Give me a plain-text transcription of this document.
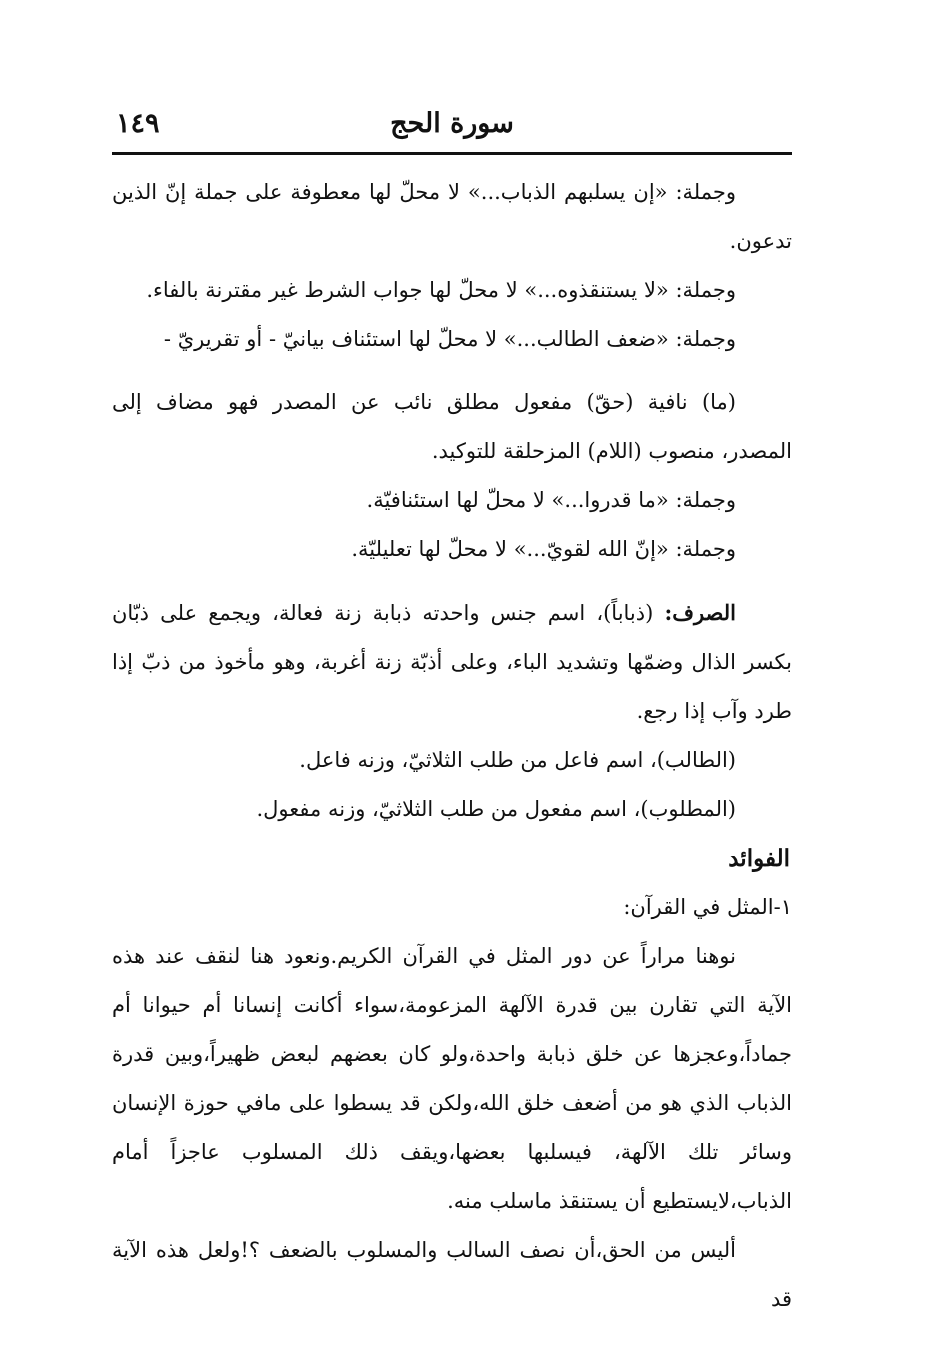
سورة الحج
١٤٩

وجملة: «إن يسلبهم الذباب...» لا محلّ لها معطوفة على جملة إنّ الذين تدعون.

وجملة: «لا يستنقذوه...» لا محلّ لها جواب الشرط غير مقترنة بالفاء.

وجملة: «ضعف الطالب...» لا محلّ لها استئناف بيانيّ - أو تقريريّ -

(ما) نافية (حقّ) مفعول مطلق نائب عن المصدر فهو مضاف إلى المصدر، منصوب (اللام) المزحلقة للتوكيد.

وجملة: «ما قدروا...» لا محلّ لها استئنافيّة.

وجملة: «إنّ الله لقويّ...» لا محلّ لها تعليليّة.

الصرف: (ذباباً)، اسم جنس واحدته ذبابة زنة فعالة، ويجمع على ذبّان بكسر الذال وضمّها وتشديد الباء، وعلى أذبّة زنة أغربة، وهو مأخوذ من ذبّ إذا طرد وآب إذا رجع.

(الطالب)، اسم فاعل من طلب الثلاثيّ، وزنه فاعل.

(المطلوب)، اسم مفعول من طلب الثلاثيّ، وزنه مفعول.

الفوائد

١-المثل في القرآن:

نوهنا مراراً عن دور المثل في القرآن الكريم.ونعود هنا لنقف عند هذه الآية التي تقارن بين قدرة الآلهة المزعومة،سواء أكانت إنسانا أم حيوانا أم جماداً،وعجزها عن خلق ذبابة واحدة،ولو كان بعضهم لبعض ظهيراً،وبين قدرة الذباب الذي هو من أضعف خلق الله،ولكن قد يسطوا على مافي حوزة الإنسان وسائر تلك الآلهة، فيسلبها بعضها،ويقف ذلك المسلوب عاجزاً أمام الذباب،لايستطيع أن يستنقذ ماسلب منه.

أليس من الحق،أن نصف السالب والمسلوب بالضعف ؟!ولعل هذه الآية قد
